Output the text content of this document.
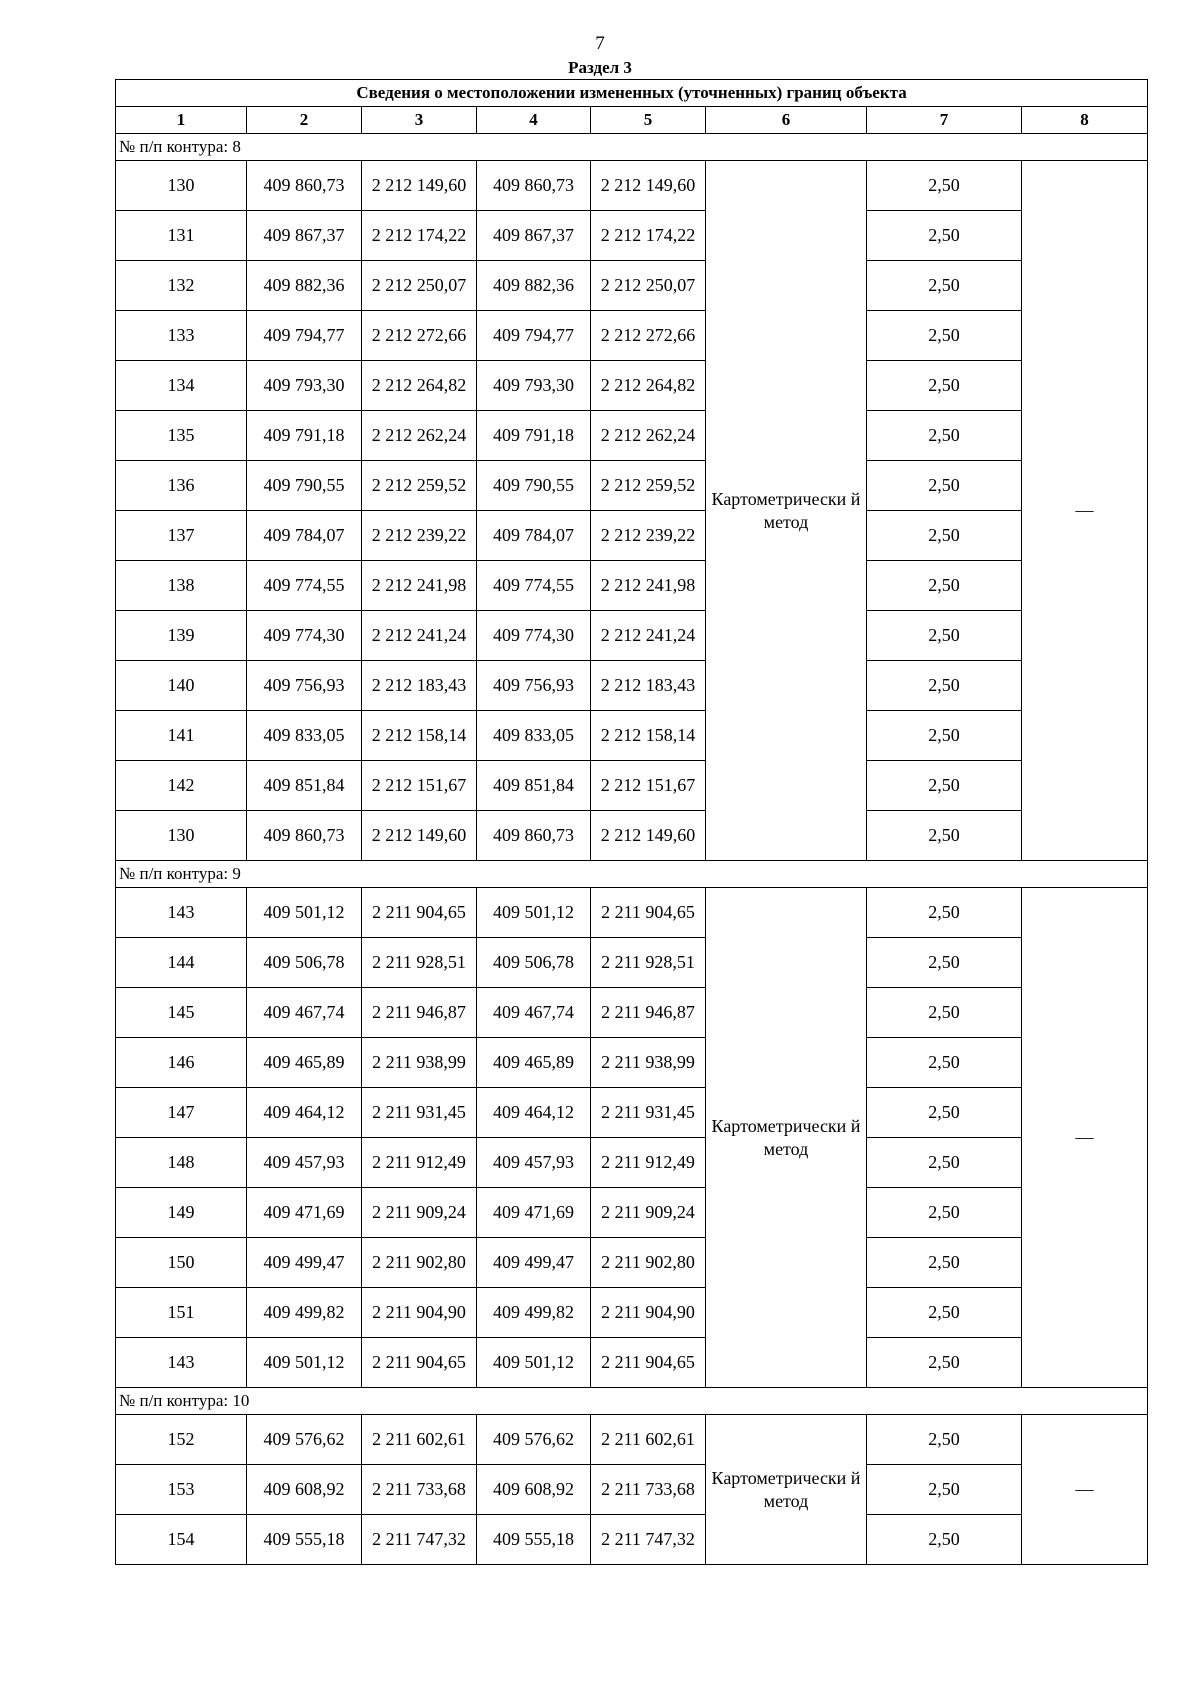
7
Раздел 3
Сведения о местоположении измененных (уточненных) границ объекта							
1	2	3	4	5	6	7	8
№ п/п контура: 8							
130	409 860,73	2 212 149,60	409 860,73	2 212 149,60	Картометрически й метод	2,50	—
131	409 867,37	2 212 174,22	409 867,37	2 212 174,22		2,50	
132	409 882,36	2 212 250,07	409 882,36	2 212 250,07		2,50	
133	409 794,77	2 212 272,66	409 794,77	2 212 272,66		2,50	
134	409 793,30	2 212 264,82	409 793,30	2 212 264,82		2,50	
135	409 791,18	2 212 262,24	409 791,18	2 212 262,24		2,50	
136	409 790,55	2 212 259,52	409 790,55	2 212 259,52		2,50	
137	409 784,07	2 212 239,22	409 784,07	2 212 239,22		2,50	
138	409 774,55	2 212 241,98	409 774,55	2 212 241,98		2,50	
139	409 774,30	2 212 241,24	409 774,30	2 212 241,24		2,50	
140	409 756,93	2 212 183,43	409 756,93	2 212 183,43		2,50	
141	409 833,05	2 212 158,14	409 833,05	2 212 158,14		2,50	
142	409 851,84	2 212 151,67	409 851,84	2 212 151,67		2,50	
130	409 860,73	2 212 149,60	409 860,73	2 212 149,60		2,50	
№ п/п контура: 9							
143	409 501,12	2 211 904,65	409 501,12	2 211 904,65	Картометрически й метод	2,50	—
144	409 506,78	2 211 928,51	409 506,78	2 211 928,51		2,50	
145	409 467,74	2 211 946,87	409 467,74	2 211 946,87		2,50	
146	409 465,89	2 211 938,99	409 465,89	2 211 938,99		2,50	
147	409 464,12	2 211 931,45	409 464,12	2 211 931,45		2,50	
148	409 457,93	2 211 912,49	409 457,93	2 211 912,49		2,50	
149	409 471,69	2 211 909,24	409 471,69	2 211 909,24		2,50	
150	409 499,47	2 211 902,80	409 499,47	2 211 902,80		2,50	
151	409 499,82	2 211 904,90	409 499,82	2 211 904,90		2,50	
143	409 501,12	2 211 904,65	409 501,12	2 211 904,65		2,50	
№ п/п контура: 10							
152	409 576,62	2 211 602,61	409 576,62	2 211 602,61	Картометрически й метод	2,50	—
153	409 608,92	2 211 733,68	409 608,92	2 211 733,68		2,50	
154	409 555,18	2 211 747,32	409 555,18	2 211 747,32		2,50	
